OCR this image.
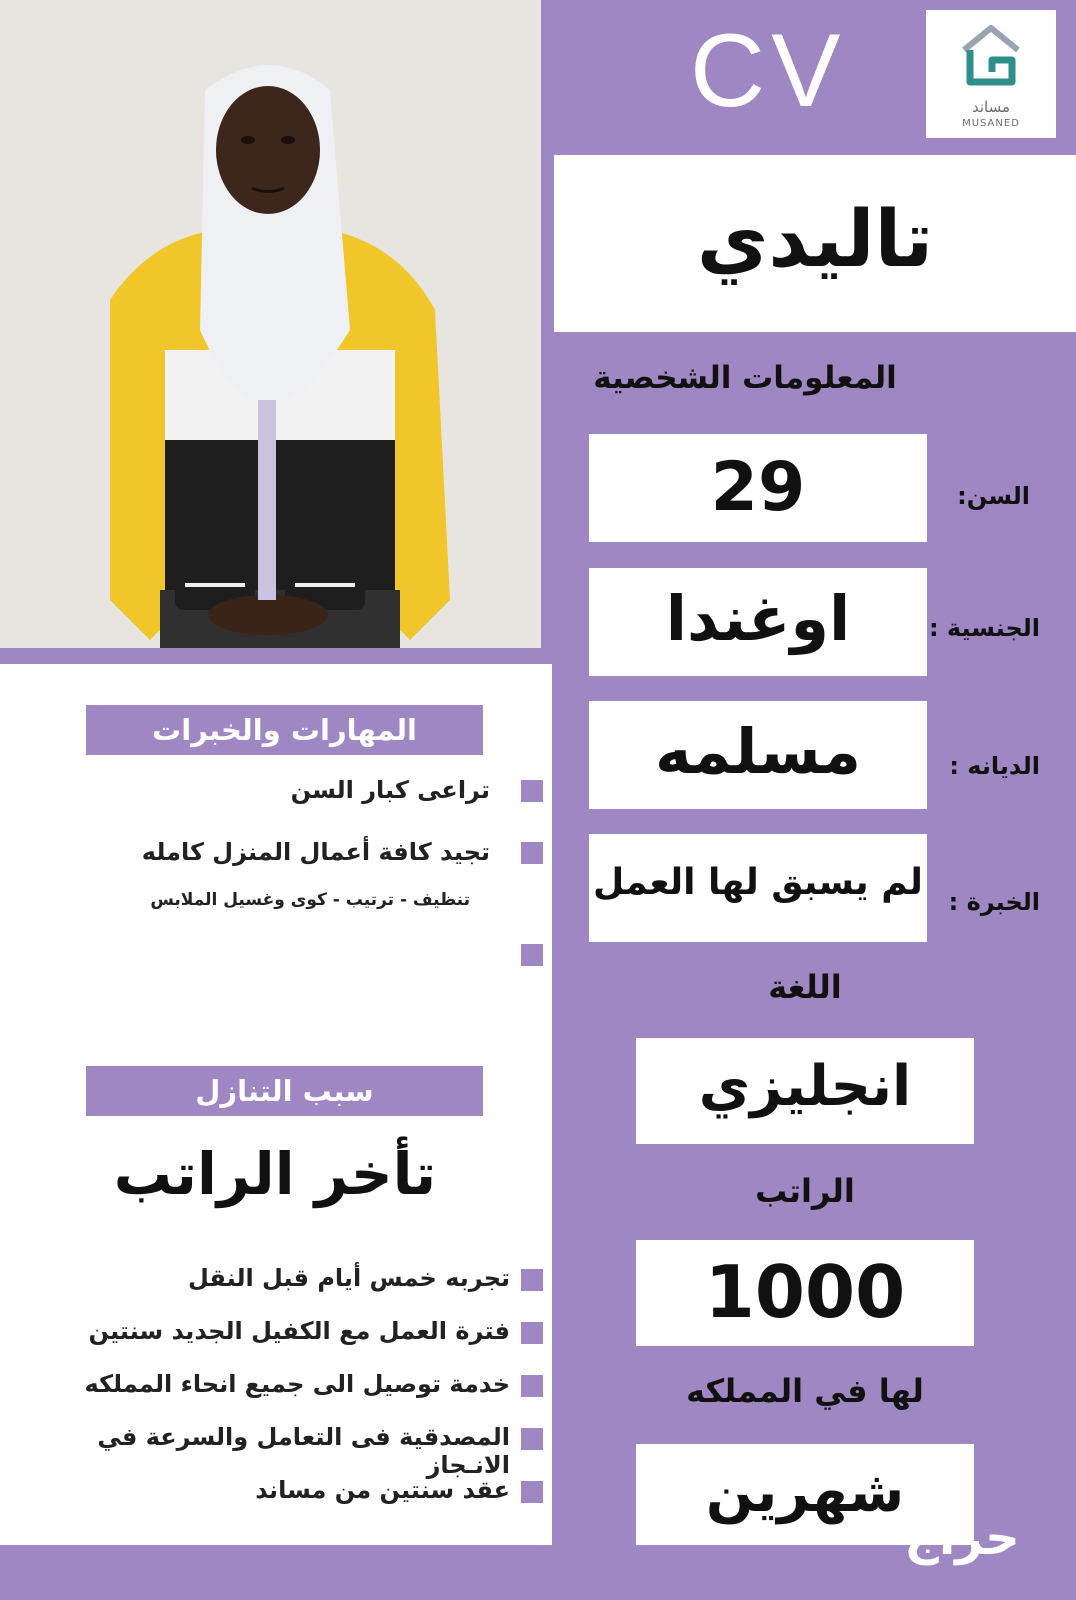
CV	مساند
MUSANED
تاليدي
المعلومات الشخصية
29	السن:
اوغندا	الجنسية :
مسلمه	الديانه :
لم يسبق لها العمل	الخبرة :
اللغة
انجليزي
الراتب
1000
لها في المملكه
شهرين
المهارات والخبرات
تراعى كبار السن
تجيد كافة أعمال المنزل كامله
تنظيف - ترتيب - كوى وغسيل الملابس
سبب التنازل
تأخر الراتب
تجربه خمس أيام قبل النقل
فترة العمل مع الكفيل الجديد سنتين
خدمة توصيل الى جميع انحاء المملكه
المصدقية فى التعامل والسرعة في الانـجاز
عقد سنتين من مساند
حراج
